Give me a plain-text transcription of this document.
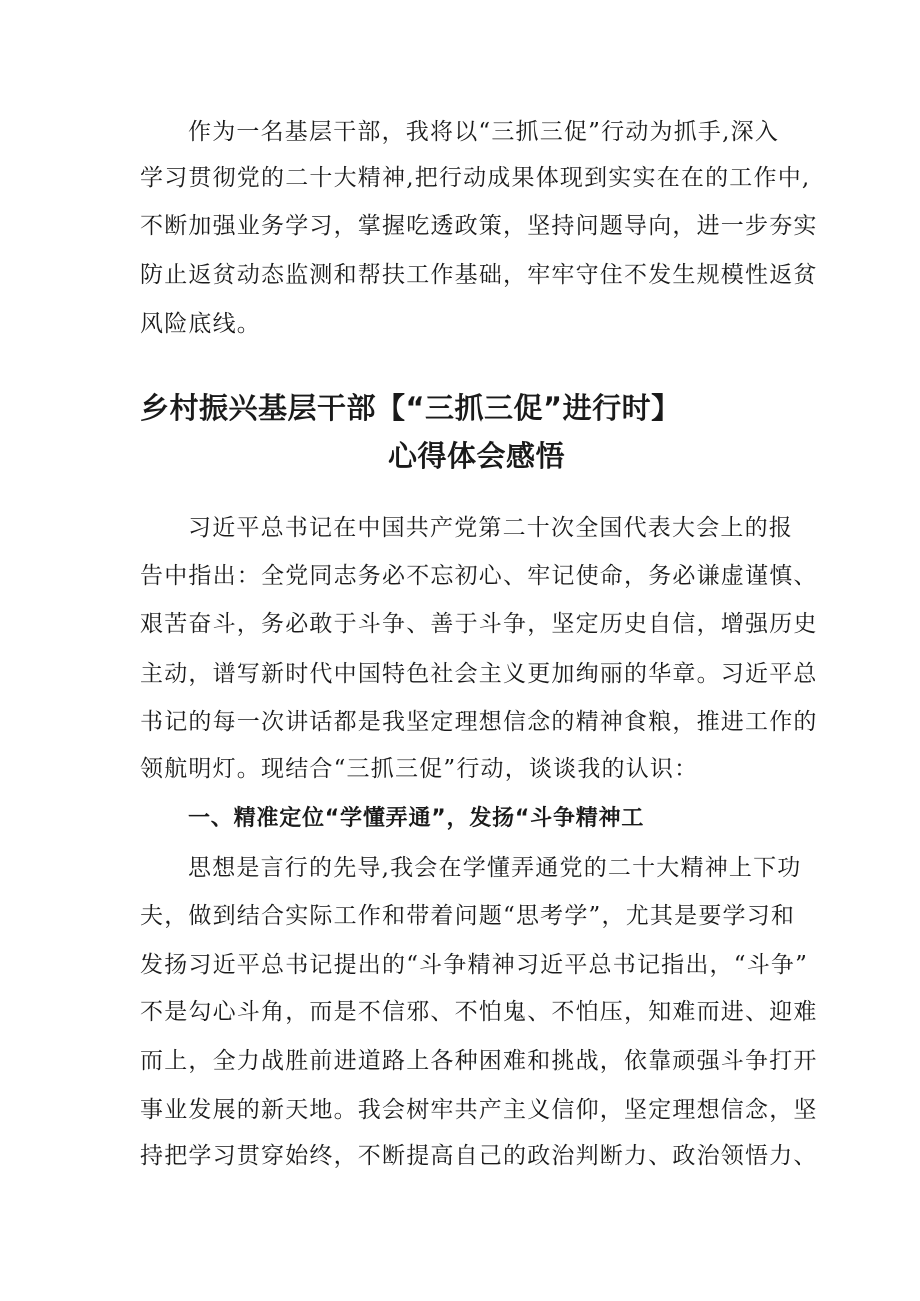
作为一名基层干部，我将以“三抓三促”行动为抓手,深入
学习贯彻党的二十大精神,把行动成果体现到实实在在的工作中,
不断加强业务学习，掌握吃透政策，坚持问题导向，进一步夯实
防止返贫动态监测和帮扶工作基础，牢牢守住不发生规模性返贫
风险底线。
乡村振兴基层干部【“三抓三促”进行时】
心得体会感悟
习近平总书记在中国共产党第二十次全国代表大会上的报
告中指出：全党同志务必不忘初心、牢记使命，务必谦虚谨慎、
艰苦奋斗，务必敢于斗争、善于斗争，坚定历史自信，增强历史
主动，谱写新时代中国特色社会主义更加绚丽的华章。习近平总
书记的每一次讲话都是我坚定理想信念的精神食粮，推进工作的
领航明灯。现结合“三抓三促”行动，谈谈我的认识：
一、精准定位“学懂弄通”，发扬“斗争精神工
思想是言行的先导,我会在学懂弄通党的二十大精神上下功
夫，做到结合实际工作和带着问题“思考学”，尤其是要学习和
发扬习近平总书记提出的“斗争精神习近平总书记指出，“斗争”
不是勾心斗角，而是不信邪、不怕鬼、不怕压，知难而进、迎难
而上，全力战胜前进道路上各种困难和挑战，依靠顽强斗争打开
事业发展的新天地。我会树牢共产主义信仰，坚定理想信念，坚
持把学习贯穿始终，不断提高自己的政治判断力、政治领悟力、
